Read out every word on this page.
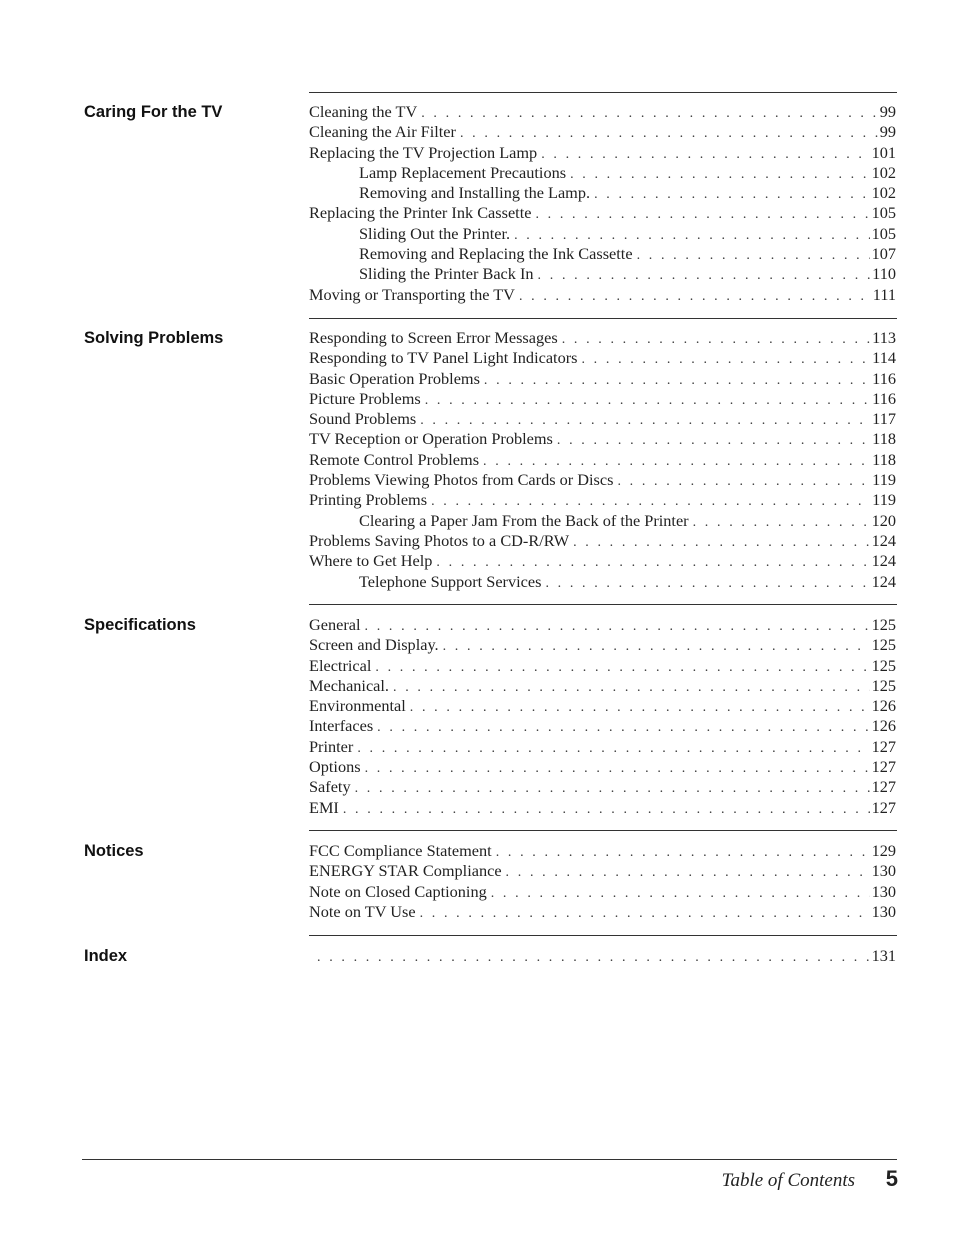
Caring For the TV	Cleaning the TV . . .	99
Cleaning the Air Filter . . .	99
Replacing the TV Projection Lamp . . .	101
Lamp Replacement Precautions . . .	102
Removing and Installing the Lamp. . . .	102
Replacing the Printer Ink Cassette . . .	105
Sliding Out the Printer. . . .	105
Removing and Replacing the Ink Cassette . . .	107
Sliding the Printer Back In . . .	110
Moving or Transporting the TV . . .	111
Solving Problems	Responding to Screen Error Messages . . .	113
Responding to TV Panel Light Indicators . . .	114
Basic Operation Problems . . .	116
Picture Problems . . .	116
Sound Problems . . .	117
TV Reception or Operation Problems . . .	118
Remote Control Problems . . .	118
Problems Viewing Photos from Cards or Discs . . .	119
Printing Problems . . .	119
Clearing a Paper Jam From the Back of the Printer . . .	120
Problems Saving Photos to a CD-R/RW . . .	124
Where to Get Help . . .	124
Telephone Support Services . . .	124
Specifications	General . . .	125
Screen and Display. . . .	125
Electrical . . .	125
Mechanical. . . .	125
Environmental . . .	126
Interfaces . . .	126
Printer . . .	127
Options . . .	127
Safety . . .	127
EMI . . .	127
Notices	FCC Compliance Statement . . .	129
ENERGY STAR Compliance . . .	130
Note on Closed Captioning . . .	130
Note on TV Use . . .	130
Index . . .	131
Table of Contents 5
